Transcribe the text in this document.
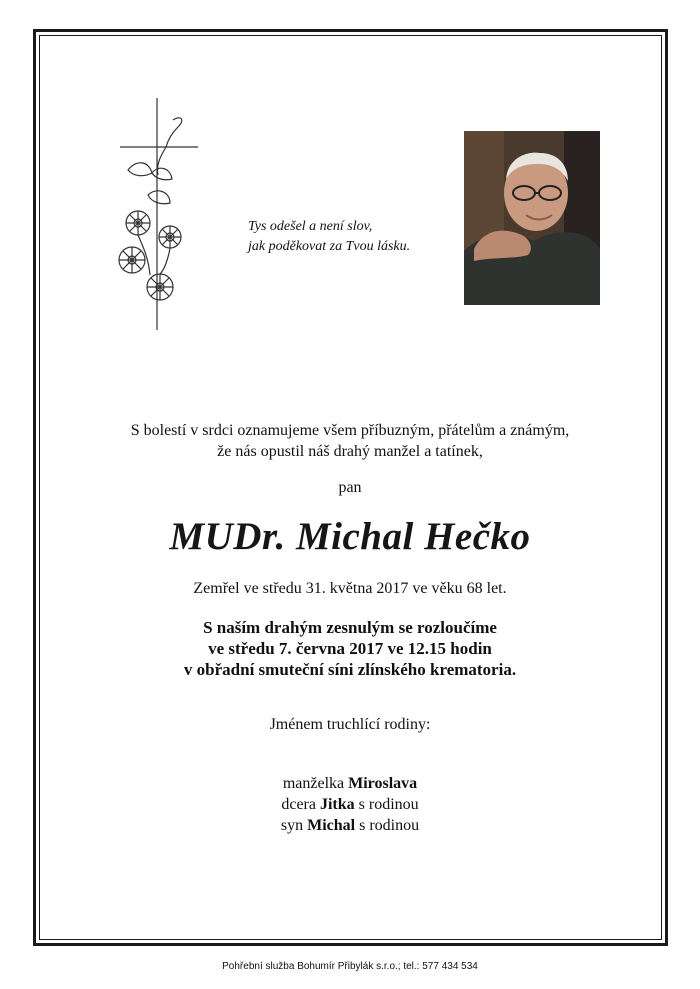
Tys odešel a není slov,
jak poděkovat za Tvou lásku.
S bolestí v srdci oznamujeme všem příbuzným, přátelům a známým,
že nás opustil náš drahý manžel a tatínek,
pan
MUDr. Michal Hečko
Zemřel ve středu 31. května 2017 ve věku 68 let.
S naším drahým zesnulým se rozloučíme
ve středu 7. června 2017 ve 12.15 hodin
v obřadní smuteční síni zlínského krematoria.
Jménem truchlící rodiny:
manželka Miroslava
dcera Jitka s rodinou
syn Michal s rodinou
Pohřební služba Bohumír Přibylák s.r.o.; tel.: 577 434 534
